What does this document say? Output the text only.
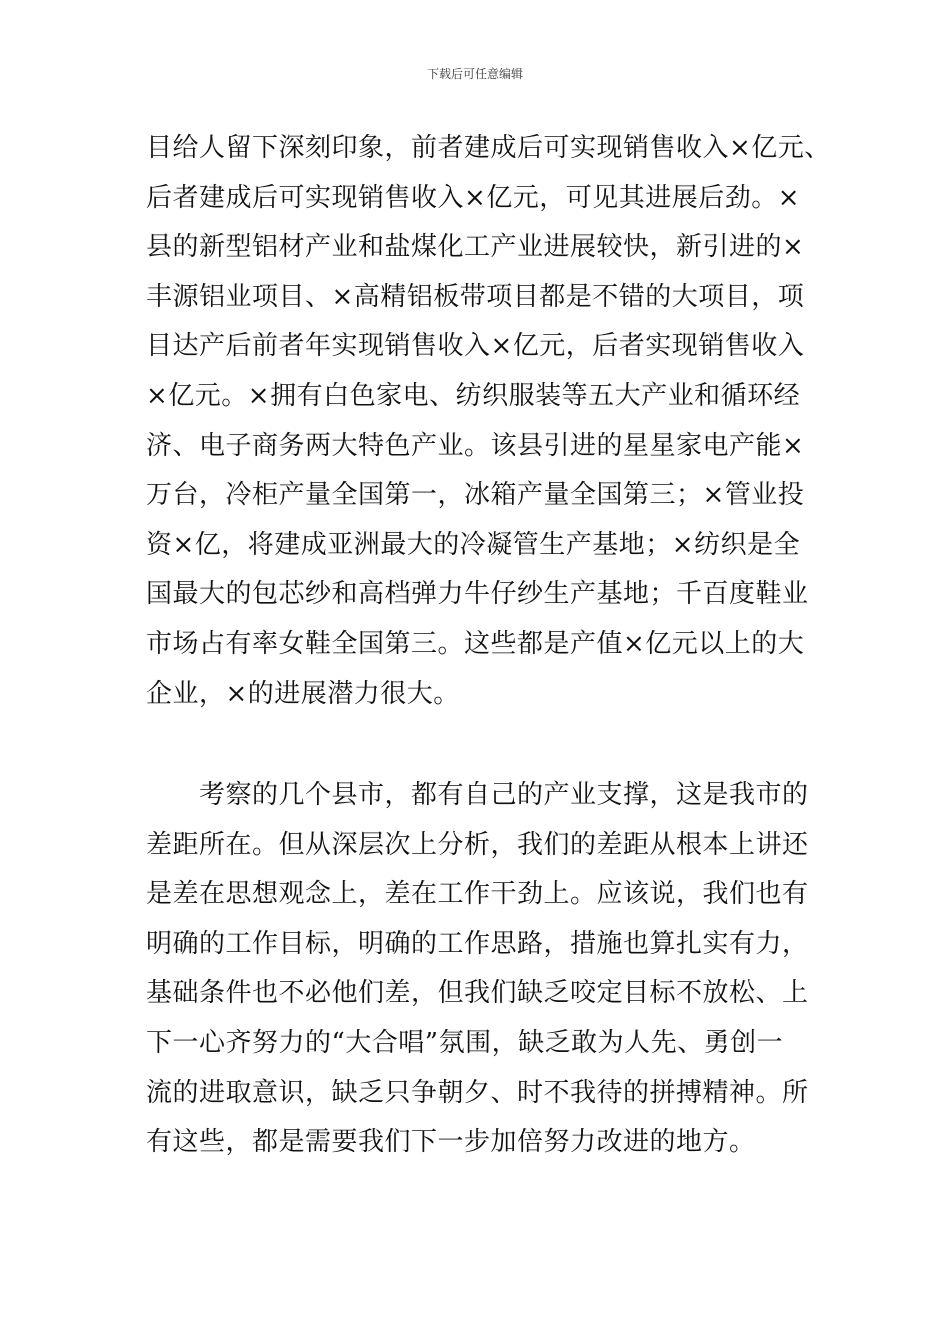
下载后可任意编辑
目给人留下深刻印象，前者建成后可实现销售收入×亿元、
后者建成后可实现销售收入×亿元，可见其进展后劲。×
县的新型铝材产业和盐煤化工产业进展较快，新引进的×
丰源铝业项目、×高精铝板带项目都是不错的大项目，项
目达产后前者年实现销售收入×亿元，后者实现销售收入
×亿元。×拥有白色家电、纺织服装等五大产业和循环经
济、电子商务两大特色产业。该县引进的星星家电产能×
万台，冷柜产量全国第一，冰箱产量全国第三；×管业投
资×亿，将建成亚洲最大的冷凝管生产基地；×纺织是全
国最大的包芯纱和高档弹力牛仔纱生产基地；千百度鞋业
市场占有率女鞋全国第三。这些都是产值×亿元以上的大
企业，×的进展潜力很大。
　　考察的几个县市，都有自己的产业支撑，这是我市的
差距所在。但从深层次上分析，我们的差距从根本上讲还
是差在思想观念上，差在工作干劲上。应该说，我们也有
明确的工作目标，明确的工作思路，措施也算扎实有力，
基础条件也不必他们差，但我们缺乏咬定目标不放松、上
下一心齐努力的“大合唱”氛围，缺乏敢为人先、勇创一
流的进取意识，缺乏只争朝夕、时不我待的拼搏精神。所
有这些，都是需要我们下一步加倍努力改进的地方。
